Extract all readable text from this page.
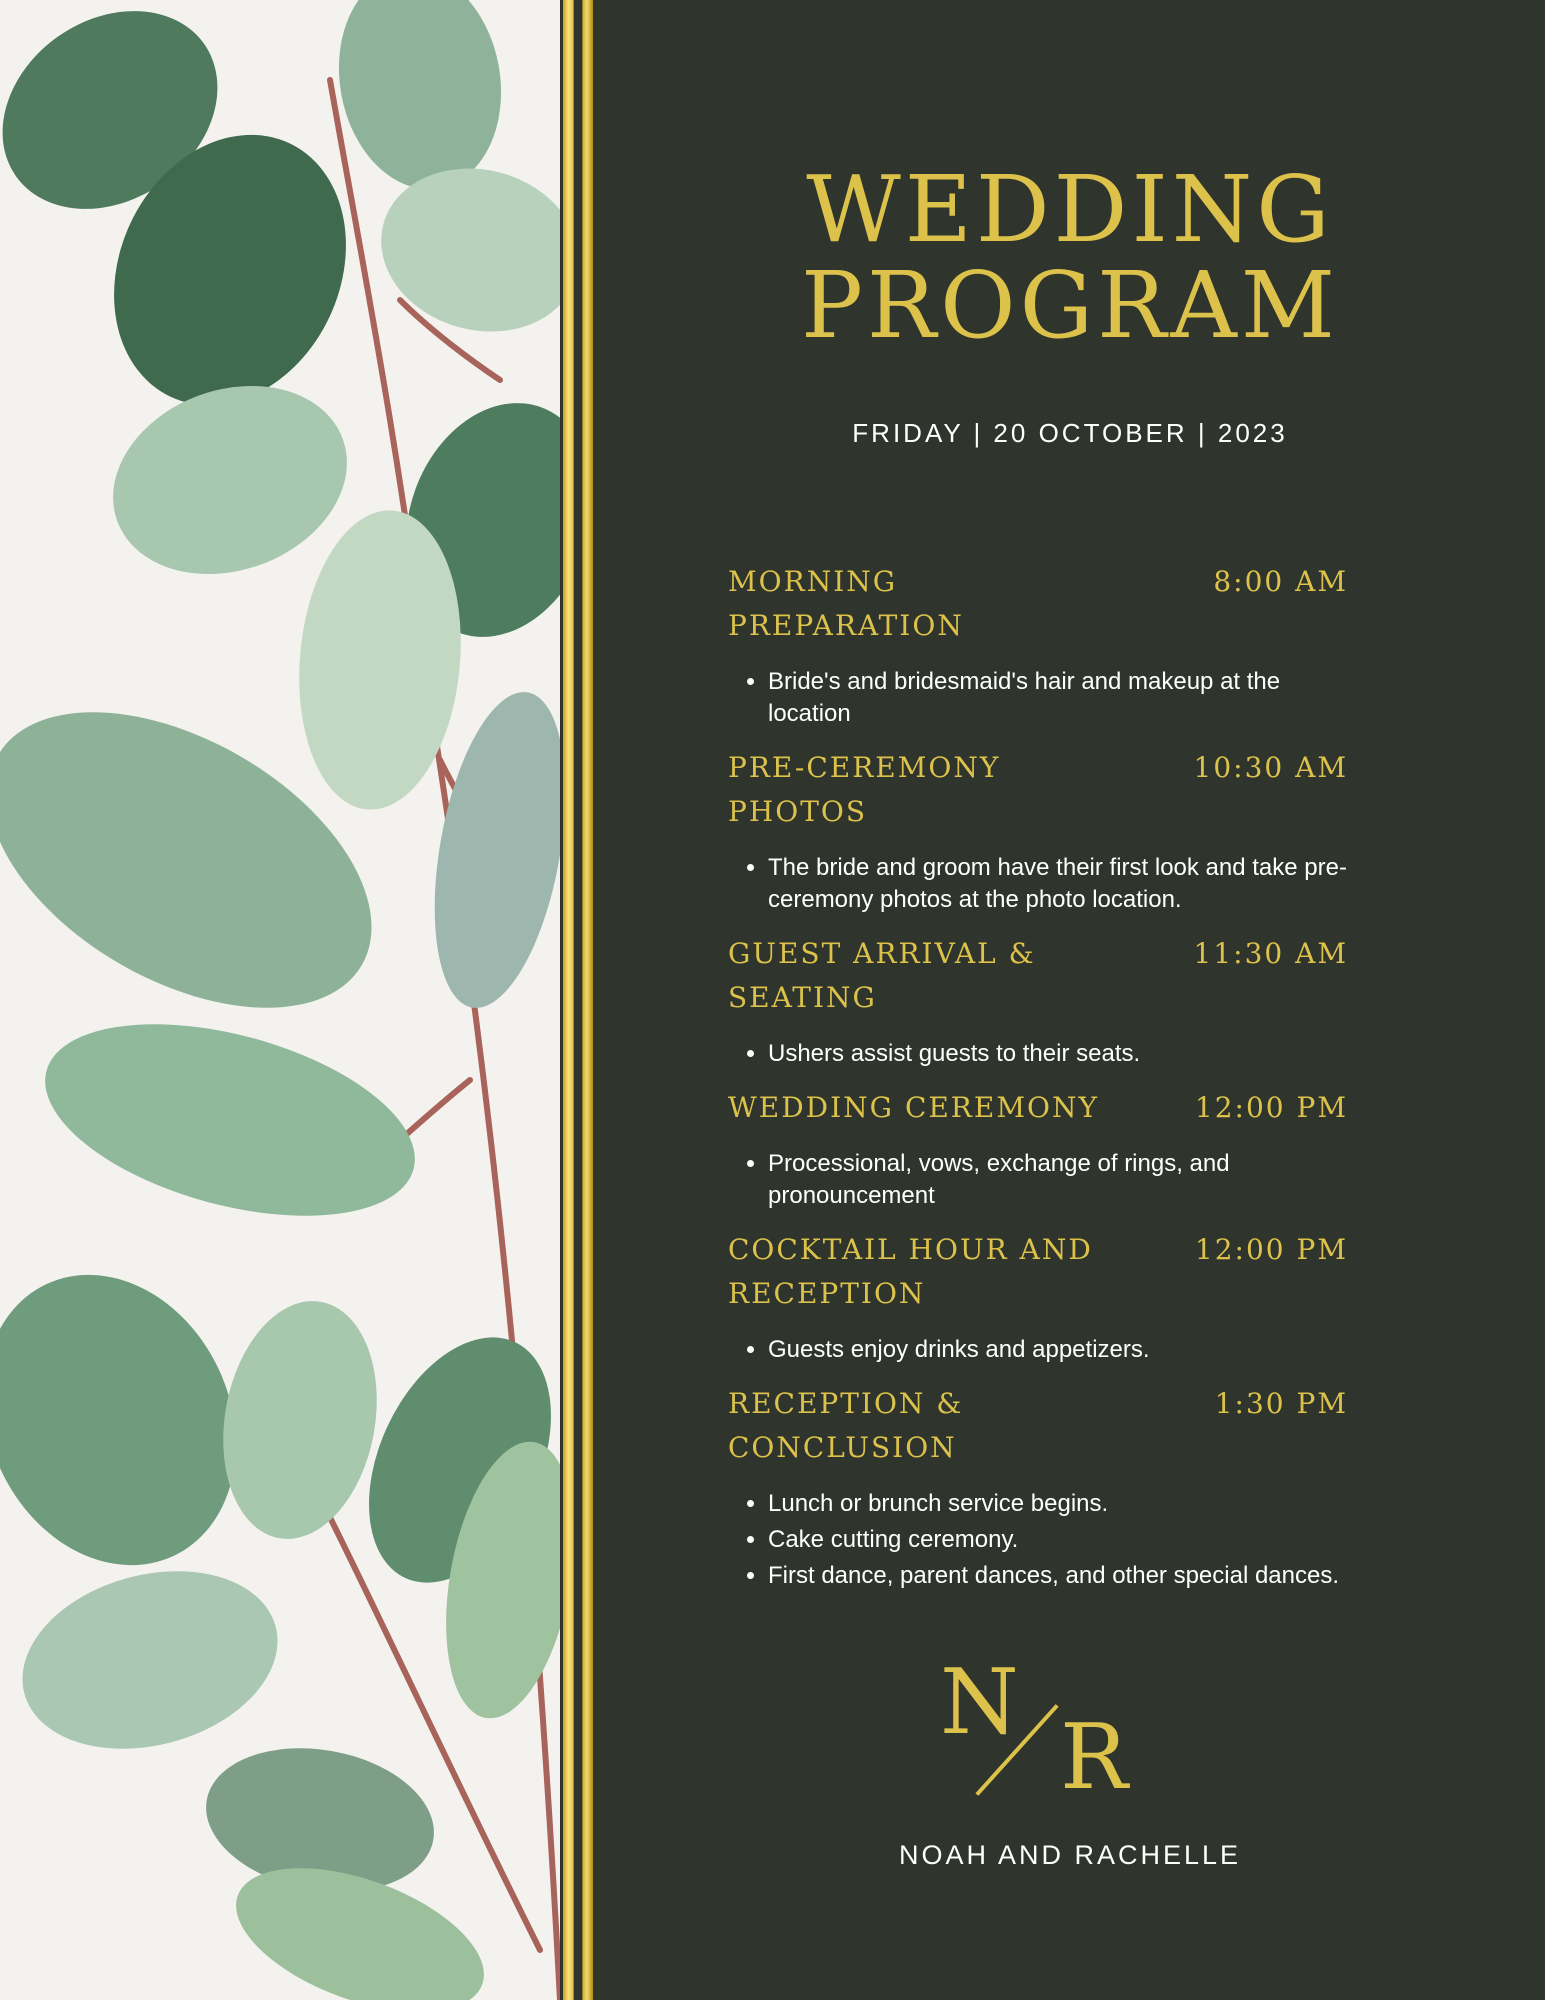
WEDDING
PROGRAM
FRIDAY | 20 OCTOBER | 2023
MORNING PREPARATION
8:00 AM
• Bride's and bridesmaid's hair and makeup at the location
PRE-CEREMONY PHOTOS
10:30 AM
• The bride and groom have their first look and take pre-ceremony photos at the photo location.
GUEST ARRIVAL & SEATING
11:30 AM
• Ushers assist guests to their seats.
WEDDING CEREMONY	12:00 PM
• Processional, vows, exchange of rings, and pronouncement
COCKTAIL HOUR AND RECEPTION
12:00 PM
• Guests enjoy drinks and appetizers.
RECEPTION & CONCLUSION
1:30 PM
• Lunch or brunch service begins.
• Cake cutting ceremony.
• First dance, parent dances, and other special dances.
N
R
NOAH AND RACHELLE
